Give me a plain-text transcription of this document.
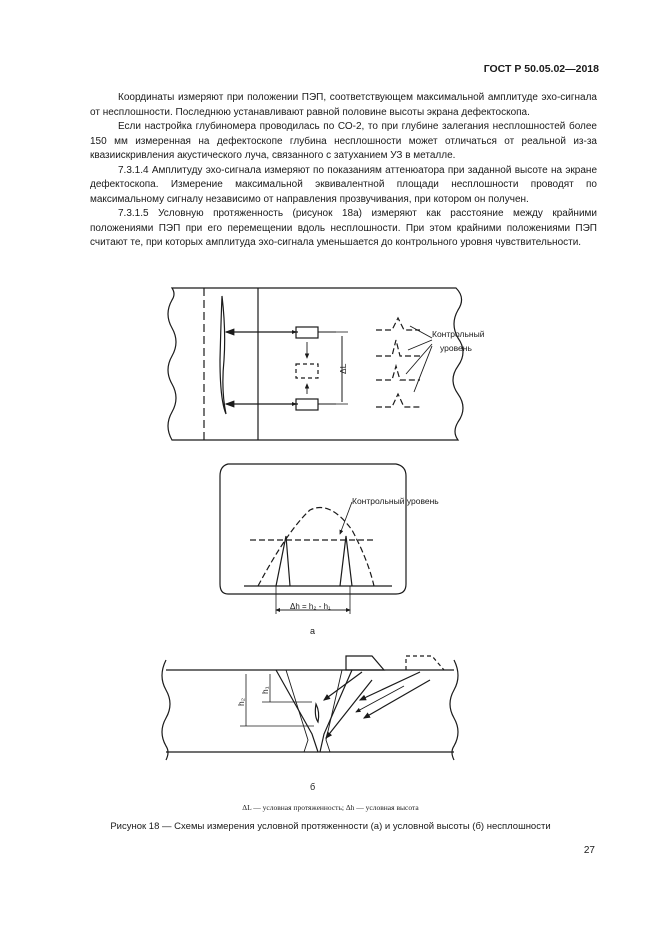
ГОСТ Р 50.05.02—2018

Координаты измеряют при положении ПЭП, соответствующем максимальной амплитуде эхо-сигнала от несплошности. Последнюю устанавливают равной половине высоты экрана дефектоскопа.

Если настройка глубиномера проводилась по СО-2, то при глубине залегания несплошностей более 150 мм измеренная на дефектоскопе глубина несплошности может отличаться от реальной из-за квазиискривления акустического луча, связанного с затуханием УЗ в металле.

7.3.1.4 Амплитуду эхо-сигнала измеряют по показаниям аттенюатора при заданной высоте на экране дефектоскопа. Измерение максимальной эквивалентной площади несплошности проводят по максимальному сигналу независимо от направления прозвучивания, при котором он получен.

7.3.1.5 Условную протяженность (рисунок 18а) измеряют как расстояние между крайними положениями ПЭП при его перемещении вдоль несплошности. При этом крайними положениями ПЭП считают те, при которых амплитуда эхо-сигнала уменьшается до контрольного уровня чувствительности.

Контрольный
уровень
ΔL
Контрольный уровень
Δh = h₂ - h₁
а
h₁
h₂
б
ΔL — условная протяженность; Δh — условная высота
Рисунок 18 — Схемы измерения условной протяженности (а) и условной высоты (б) несплошности
27
